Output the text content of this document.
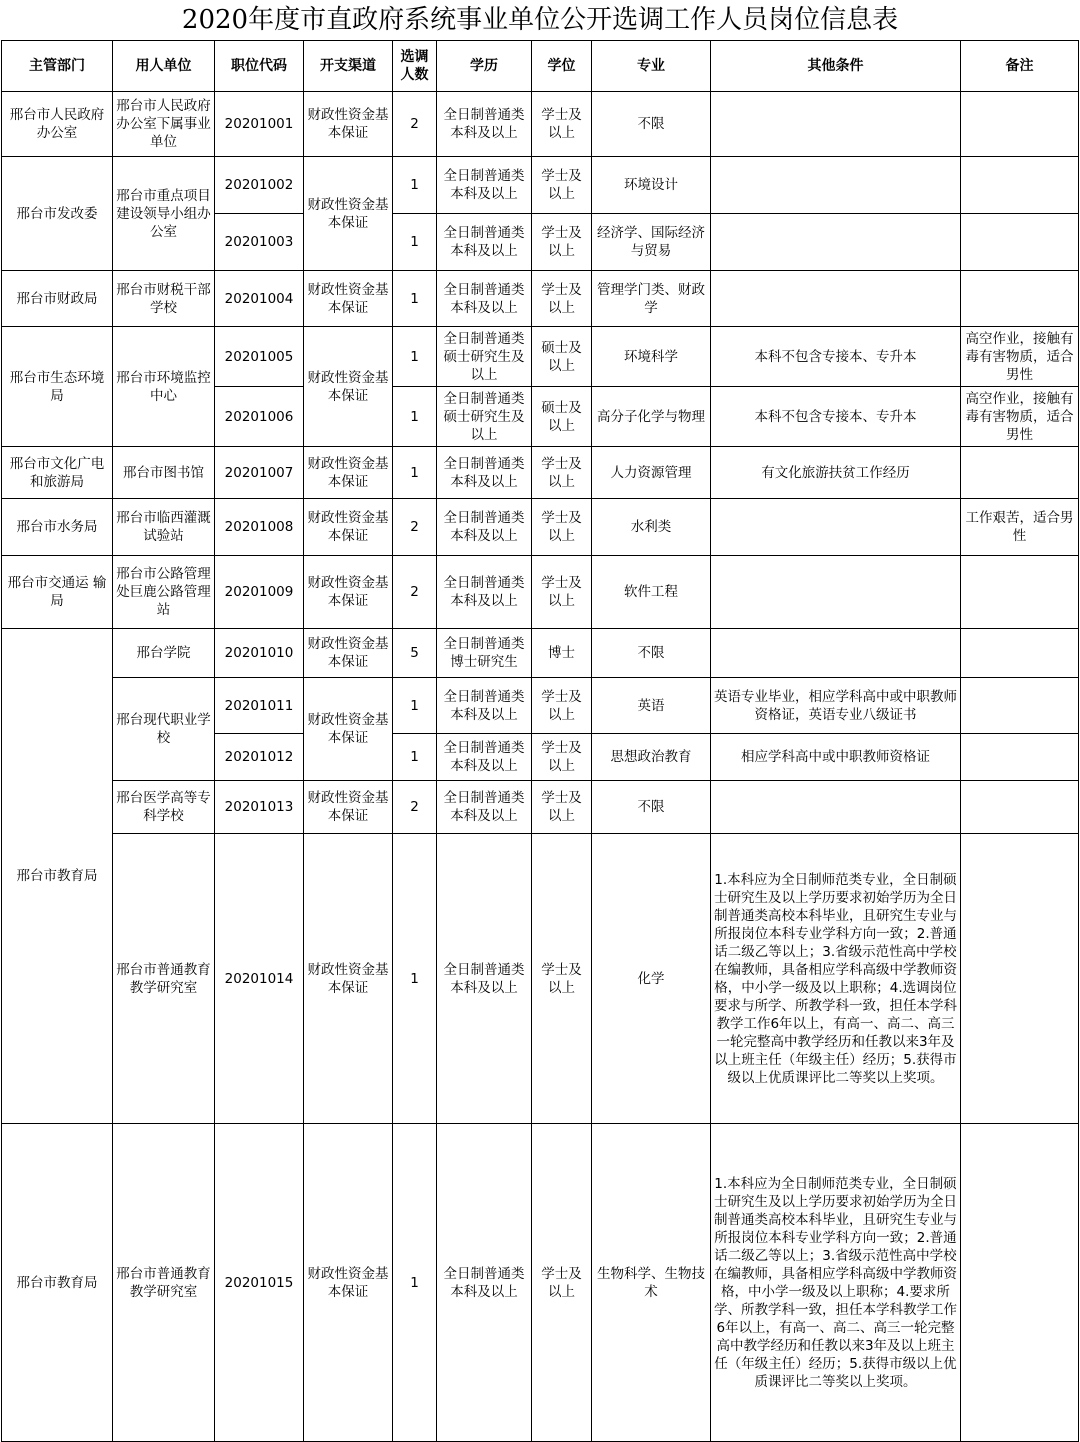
2020年度市直政府系统事业单位公开选调工作人员岗位信息表
主管部门	用人单位	职位代码	开支渠道	选调人数	学历	学位	专业	其他条件	备注
邢台市人民政府办公室	邢台市人民政府办公室下属事业单位	20201001	财政性资金基本保证	2	全日制普通类本科及以上	学士及以上	不限		
邢台市发改委	邢台市重点项目建设领导小组办公室	20201002	财政性资金基本保证	1	全日制普通类本科及以上	学士及以上	环境设计		
		20201003		1	全日制普通类本科及以上	学士及以上	经济学、国际经济与贸易		
邢台市财政局	邢台市财税干部学校	20201004	财政性资金基本保证	1	全日制普通类本科及以上	学士及以上	管理学门类、财政学		
邢台市生态环境局	邢台市环境监控中心	20201005	财政性资金基本保证	1	全日制普通类硕士研究生及以上	硕士及以上	环境科学	本科不包含专接本、专升本	高空作业，接触有毒有害物质，适合男性
		20201006		1	全日制普通类硕士研究生及以上	硕士及以上	高分子化学与物理	本科不包含专接本、专升本	高空作业，接触有毒有害物质，适合男性
邢台市文化广电和旅游局	邢台市图书馆	20201007	财政性资金基本保证	1	全日制普通类本科及以上	学士及以上	人力资源管理	有文化旅游扶贫工作经历	
邢台市水务局	邢台市临西灌溉试验站	20201008	财政性资金基本保证	2	全日制普通类本科及以上	学士及以上	水利类		工作艰苦，适合男性
邢台市交通运 输局	邢台市公路管理处巨鹿公路管理站	20201009	财政性资金基本保证	2	全日制普通类本科及以上	学士及以上	软件工程		
邢台市教育局	邢台学院	20201010	财政性资金基本保证	5	全日制普通类博士研究生	博士	不限		
	邢台现代职业学校	20201011	财政性资金基本保证	1	全日制普通类本科及以上	学士及以上	英语	英语专业毕业，相应学科高中或中职教师资格证，英语专业八级证书	
		20201012		1	全日制普通类本科及以上	学士及以上	思想政治教育	相应学科高中或中职教师资格证	
	邢台医学高等专科学校	20201013	财政性资金基本保证	2	全日制普通类本科及以上	学士及以上	不限		
	邢台市普通教育教学研究室	20201014	财政性资金基本保证	1	全日制普通类本科及以上	学士及以上	化学	1.本科应为全日制师范类专业，全日制硕士研究生及以上学历要求初始学历为全日制普通类高校本科毕业，且研究生专业与所报岗位本科专业学科方向一致；2.普通话二级乙等以上；3.省级示范性高中学校在编教师，具备相应学科高级中学教师资格，中小学一级及以上职称；4.选调岗位要求与所学、所教学科一致，担任本学科教学工作6年以上，有高一、高二、高三一轮完整高中教学经历和任教以来3年及以上班主任（年级主任）经历；5.获得市级以上优质课评比二等奖以上奖项。	
邢台市教育局	邢台市普通教育教学研究室	20201015	财政性资金基本保证	1	全日制普通类本科及以上	学士及以上	生物科学、生物技术	1.本科应为全日制师范类专业，全日制硕士研究生及以上学历要求初始学历为全日制普通类高校本科毕业，且研究生专业与所报岗位本科专业学科方向一致；2.普通话二级乙等以上；3.省级示范性高中学校在编教师，具备相应学科高级中学教师资格，中小学一级及以上职称；4.要求所学、所教学科一致，担任本学科教学工作6年以上，有高一、高二、高三一轮完整高中教学经历和任教以来3年及以上班主任（年级主任）经历；5.获得市级以上优质课评比二等奖以上奖项。	
